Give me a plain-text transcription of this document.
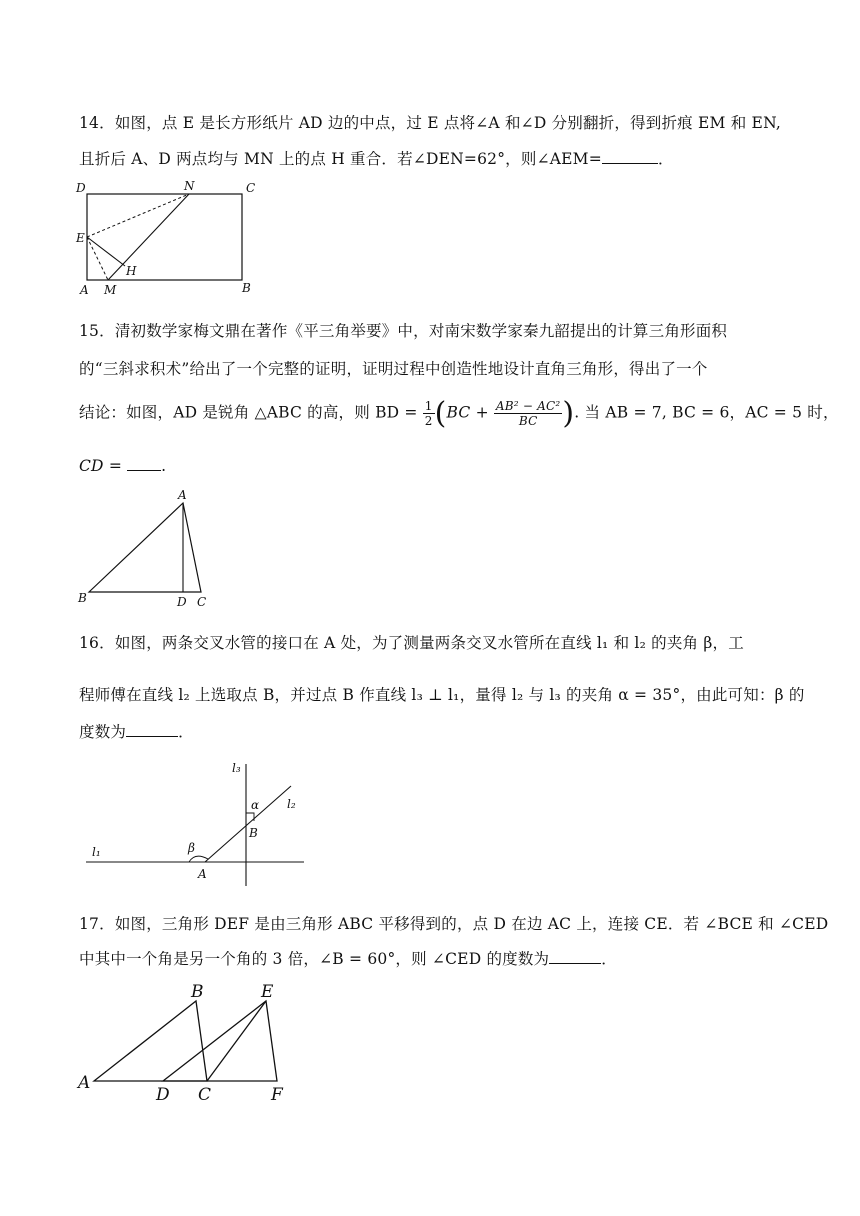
14．如图，点 E 是长方形纸片 AD 边的中点，过 E 点将∠A 和∠D 分别翻折，得到折痕 EM 和 EN,
且折后 A、D 两点均与 MN 上的点 H 重合．若∠DEN=62°，则∠AEM=	．
D	N	C
E
H
A M	B
15．清初数学家梅文鼎在著作《平三角举要》中，对南宋数学家秦九韶提出的计算三角形面积
的“三斜求积术”给出了一个完整的证明，证明过程中创造性地设计直角三角形，得出了一个
结论：如图，AD 是锐角 △ABC 的高，则 BD = $\frac{1}{2} (BC + \frac{\text{AB² − AC²}}{BC}$ ). 当 AB = 7, BC = 6，AC = 5 时，
CD =	.
A
B	D C
16．如图，两条交叉水管的接口在 A 处，为了测量两条交叉水管所在直线 l₁ 和 l₂ 的夹角 β，工
程师傅在直线 l₂ 上选取点 B，并过点 B 作直线 l₃ ⊥ l₁，量得 l₂ 与 l₃ 的夹角 α = 35°，由此可知：β 的
度数为	．
l₃
l₂
l₁
α
β
B
A
17．如图，三角形 DEF 是由三角形 ABC 平移得到的，点 D 在边 AC 上，连接 CE．若 ∠BCE 和 ∠CED
中其中一个角是另一个角的 3 倍，∠B = 60°，则 ∠CED 的度数为	．
A
B	E
D C	F
